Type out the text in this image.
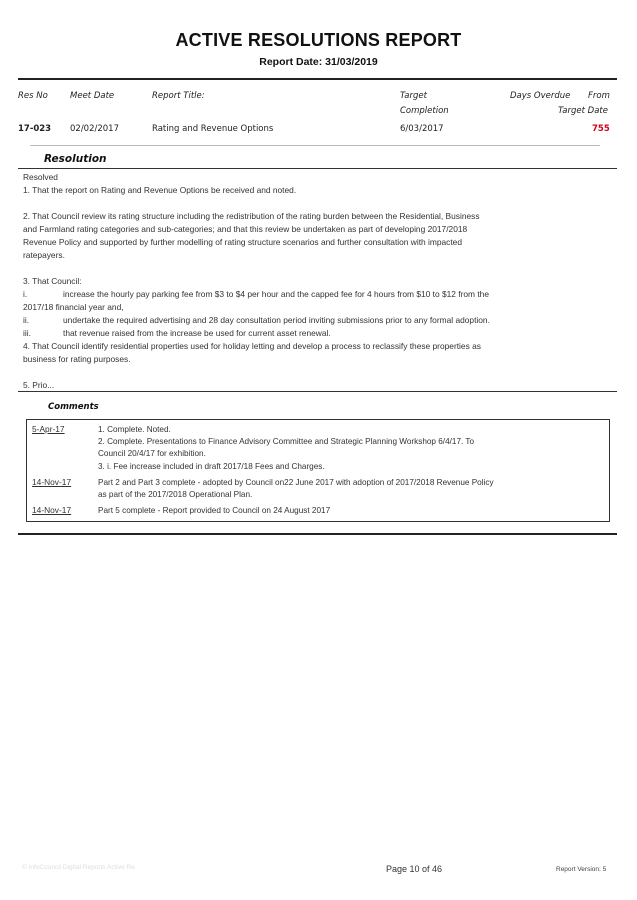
ACTIVE RESOLUTIONS REPORT
Report Date: 31/03/2019
Res No	Meet Date	Report Title:	Target
Completion
Days Overdue From
Target Date
17-023 02/02/2017	Rating and Revenue Options	6/03/2017	755
Resolution
Resolved
1. That the report on Rating and Revenue Options be received and noted.
2. That Council review its rating structure including the redistribution of the rating burden between the Residential, Business
and Farmland rating categories and sub-categories; and that this review be undertaken as part of developing 2017/2018
Revenue Policy and supported by further modelling of rating structure scenarios and further consultation with impacted
ratepayers.
3. That Council:
i.	increase the hourly pay parking fee from $3 to $4 per hour and the capped fee for 4 hours from $10 to $12 from the
2017/18 financial year and,
ii.	undertake the required advertising and 28 day consultation period inviting submissions prior to any formal adoption.
iii.	that revenue raised from the increase be used for current asset renewal.
4. That Council identify residential properties used for holiday letting and develop a process to reclassify these properties as
business for rating purposes.
5. Prio...
Comments
5-Apr-17	1. Complete. Noted.
2. Complete. Presentations to Finance Advisory Committee and Strategic Planning Workshop 6/4/17. To
Council 20/4/17 for exhibition.
3. i. Fee increase included in draft 2017/18 Fees and Charges.
14-Nov-17	Part 2 and Part 3 complete - adopted by Council on22 June 2017 with adoption of 2017/2018 Revenue Policy
as part of the 2017/2018 Operational Plan.
14-Nov-17	Part 5 complete - Report provided to Council on 24 August 2017
© InfoCouncil Digital Reports Active Re	Page 10 of 46	Report Version: 5
